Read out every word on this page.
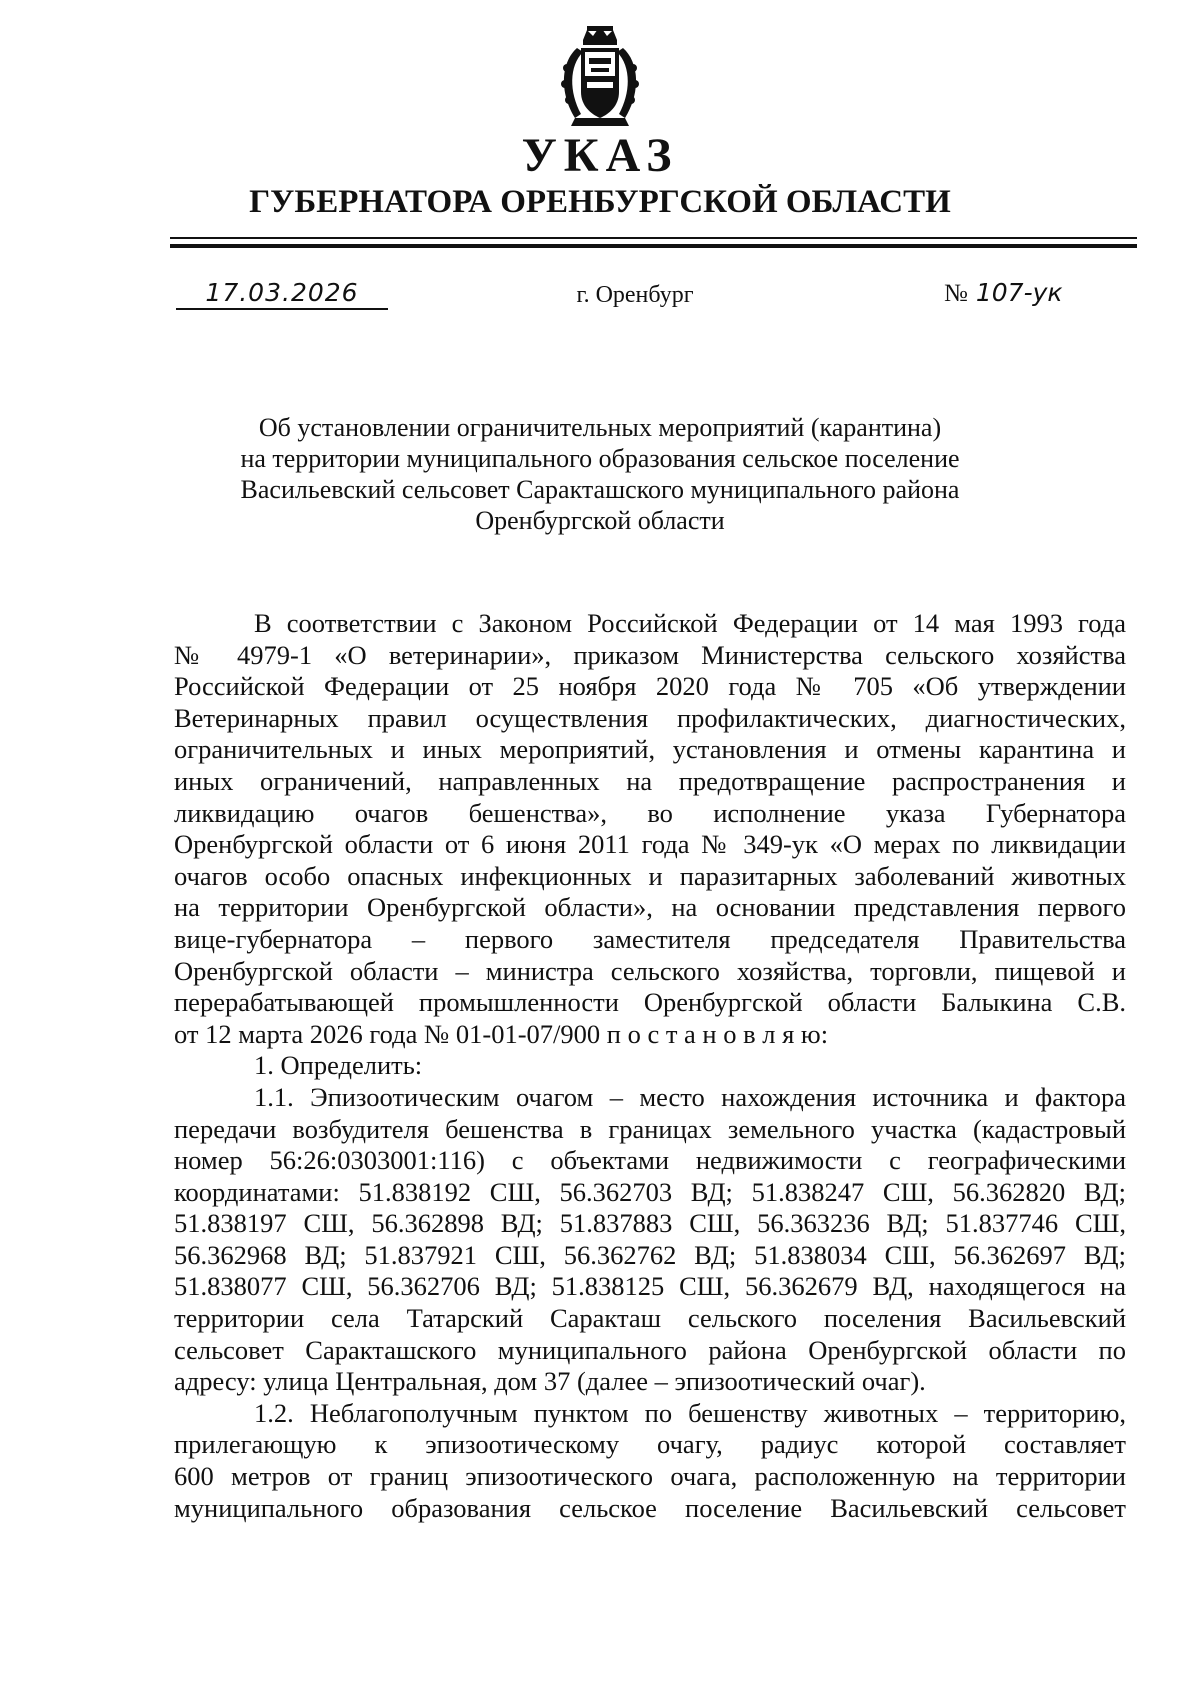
УКАЗ
ГУБЕРНАТОРА ОРЕНБУРГСКОЙ ОБЛАСТИ
17.03.2026	г. Оренбург	№ 107-ук
Об установлении ограничительных мероприятий (карантина)
на территории муниципального образования сельское поселение
Васильевский сельсовет Саракташского муниципального района
Оренбургской области

В соответствии с Законом Российской Федерации от 14 мая 1993 года

№ 4979-1 «О ветеринарии», приказом Министерства сельского хозяйства

Российской Федерации от 25 ноября 2020 года № 705 «Об утверждении

Ветеринарных правил осуществления профилактических, диагностических,

ограничительных и иных мероприятий, установления и отмены карантина и

иных ограничений, направленных на предотвращение распространения и

ликвидацию очагов бешенства», во исполнение указа Губернатора

Оренбургской области от 6 июня 2011 года № 349-ук «О мерах по ликвидации

очагов особо опасных инфекционных и паразитарных заболеваний животных

на территории Оренбургской области», на основании представления первого

вице-губернатора – первого заместителя председателя Правительства

Оренбургской области – министра сельского хозяйства, торговли, пищевой и

перерабатывающей промышленности Оренбургской области Балыкина С.В.

от 12 марта 2026 года № 01-01-07/900 п о с т а н о в л я ю:

1. Определить:

1.1. Эпизоотическим очагом – место нахождения источника и фактора

передачи возбудителя бешенства в границах земельного участка (кадастровый

номер 56:26:0303001:116) с объектами недвижимости с географическими

координатами: 51.838192 СШ, 56.362703 ВД; 51.838247 СШ, 56.362820 ВД;

51.838197 СШ, 56.362898 ВД; 51.837883 СШ, 56.363236 ВД; 51.837746 СШ,

56.362968 ВД; 51.837921 СШ, 56.362762 ВД; 51.838034 СШ, 56.362697 ВД;

51.838077 СШ, 56.362706 ВД; 51.838125 СШ, 56.362679 ВД, находящегося на

территории села Татарский Саракташ сельского поселения Васильевский

сельсовет Саракташского муниципального района Оренбургской области по

адресу: улица Центральная, дом 37 (далее – эпизоотический очаг).

1.2. Неблагополучным пунктом по бешенству животных – территорию,

прилегающую к эпизоотическому очагу, радиус которой составляет

600 метров от границ эпизоотического очага, расположенную на территории

муниципального образования сельское поселение Васильевский сельсовет
